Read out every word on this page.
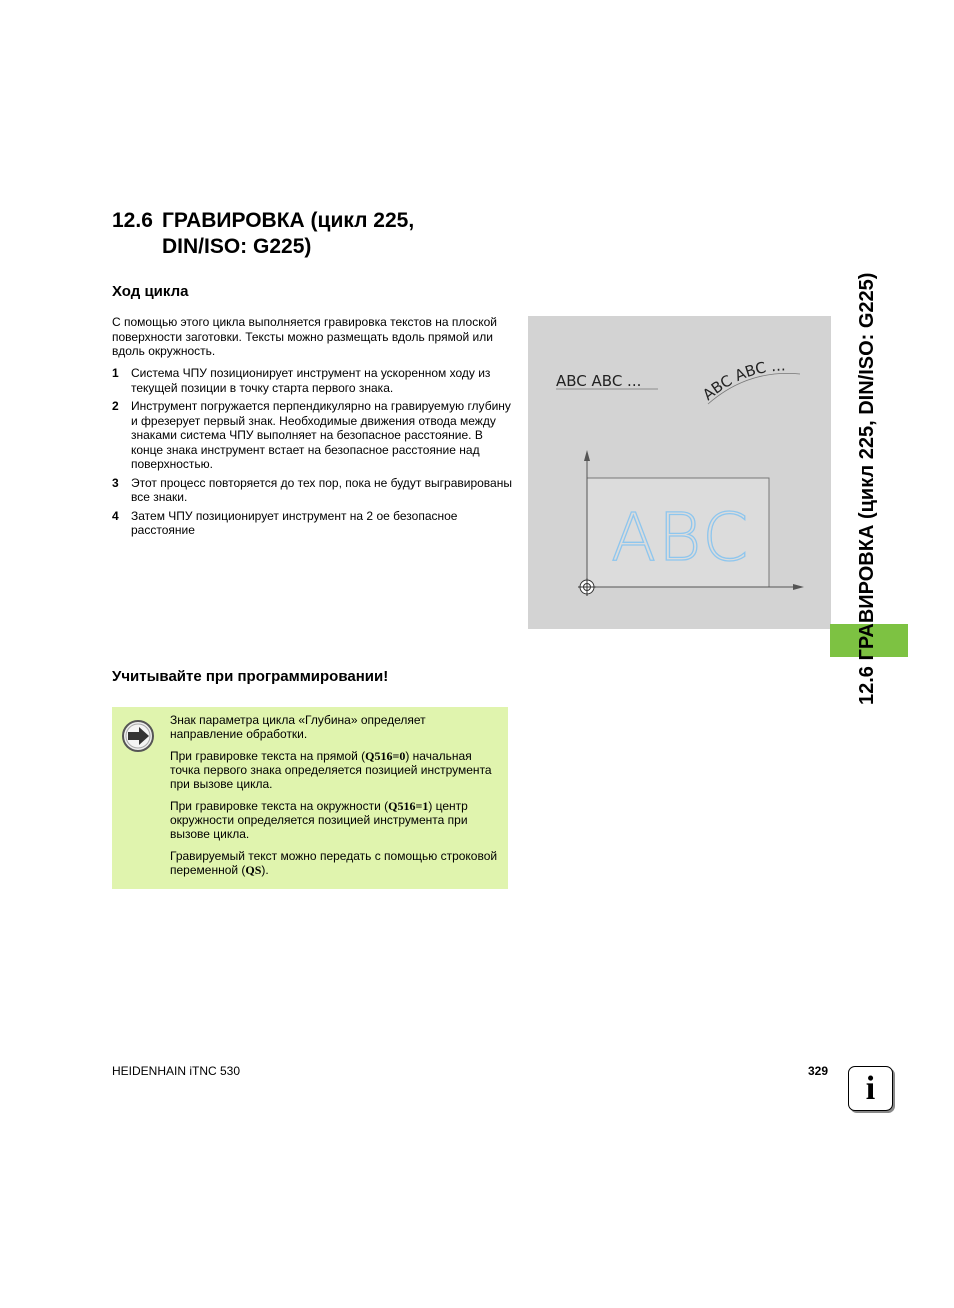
12.6 ГРАВИРОВКА (цикл 225,
DIN/ISO: G225)
Ход цикла
С помощью этого цикла выполняется гравировка текстов на плоской поверхности заготовки. Тексты можно размещать вдоль прямой или вдоль окружность.
1	Система ЧПУ позиционирует инструмент на ускоренном ходу из текущей позиции в точку старта первого знака.
2	Инструмент погружается перпендикулярно на гравируемую глубину и фрезерует первый знак. Необходимые движения отвода между знаками система ЧПУ выполняет на безопасное расстояние. В конце знака инструмент встает на безопасное расстояние над поверхностью.
3	Этот процесс повторяется до тех пор, пока не будут выгравированы все знаки.
4	Затем ЧПУ позиционирует инструмент на 2 ое безопасное расстояние
ABC ABC ...
ABC ABC ...
ABC	12.6 ГРАВИРОВКА (цикл 225, DIN/ISO: G225)
Учитывайте при программировании!

Знак параметра цикла «Глубина» определяет направление обработки.

При гравировке текста на прямой (Q516=0) начальная точка первого знака определяется позицией инструмента при вызове цикла.

При гравировке текста на окружности (Q516=1) центр окружности определяется позицией инструмента при вызове цикла.

Гравируемый текст можно передать с помощью строковой переменной (QS).

HEIDENHAIN iTNC 530	329	i
